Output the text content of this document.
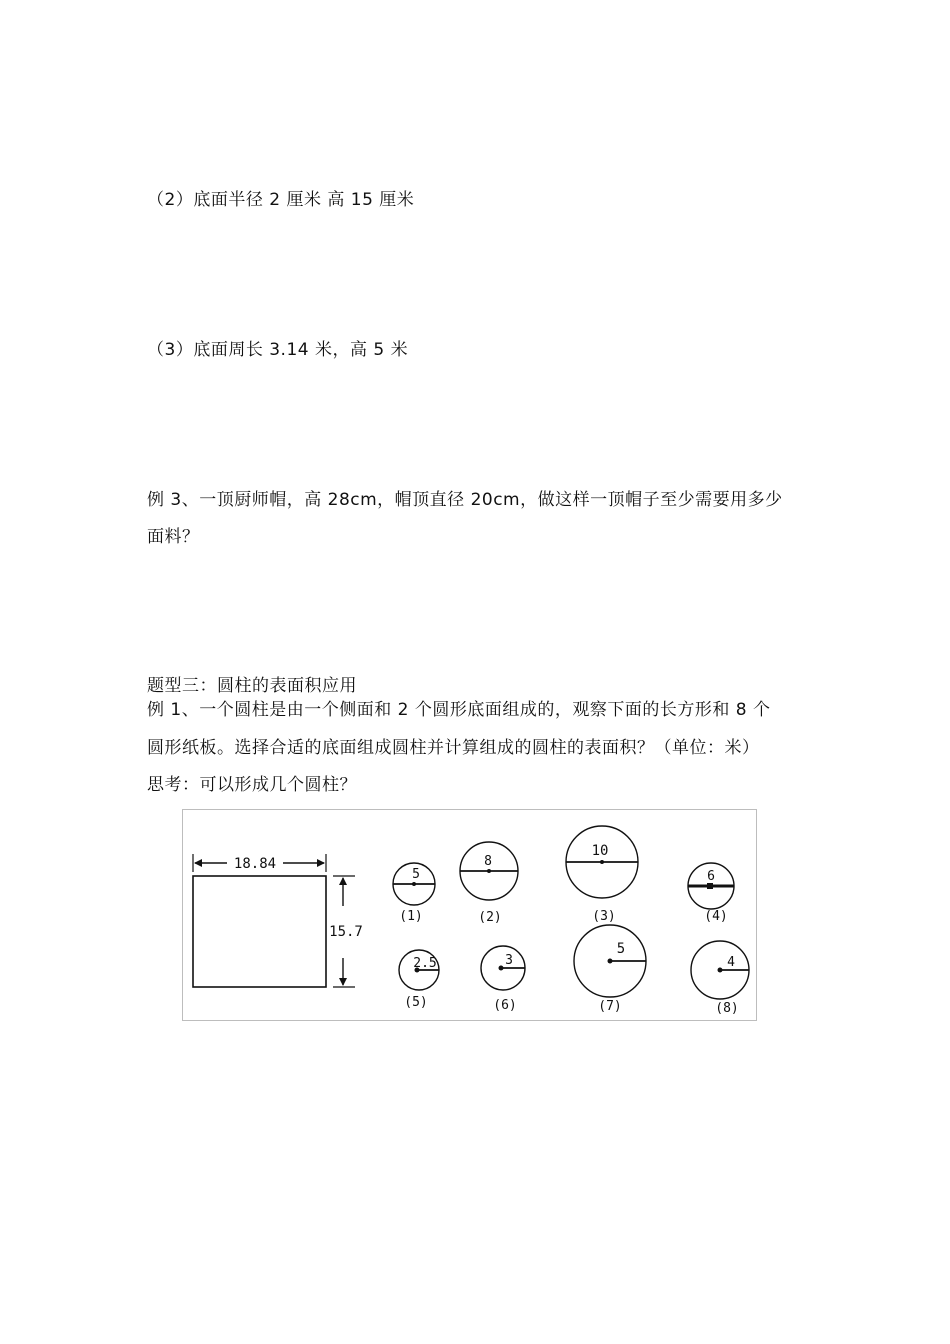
（2）底面半径 2 厘米 高 15 厘米
（3）底面周长 3.14 米，高 5 米
例 3、一顶厨师帽，高 28cm，帽顶直径 20cm，做这样一顶帽子至少需要用多少
面料？
题型三：圆柱的表面积应用
例 1、一个圆柱是由一个侧面和 2 个圆形底面组成的，观察下面的长方形和 8 个
圆形纸板。选择合适的底面组成圆柱并计算组成的圆柱的表面积？（单位：米）
思考：可以形成几个圆柱？
18.84
15.7
5
(1)
8
(2)
10
(3)
6
(4)
2.5
(5)
3
(6)
5
(7)
4
(8)
